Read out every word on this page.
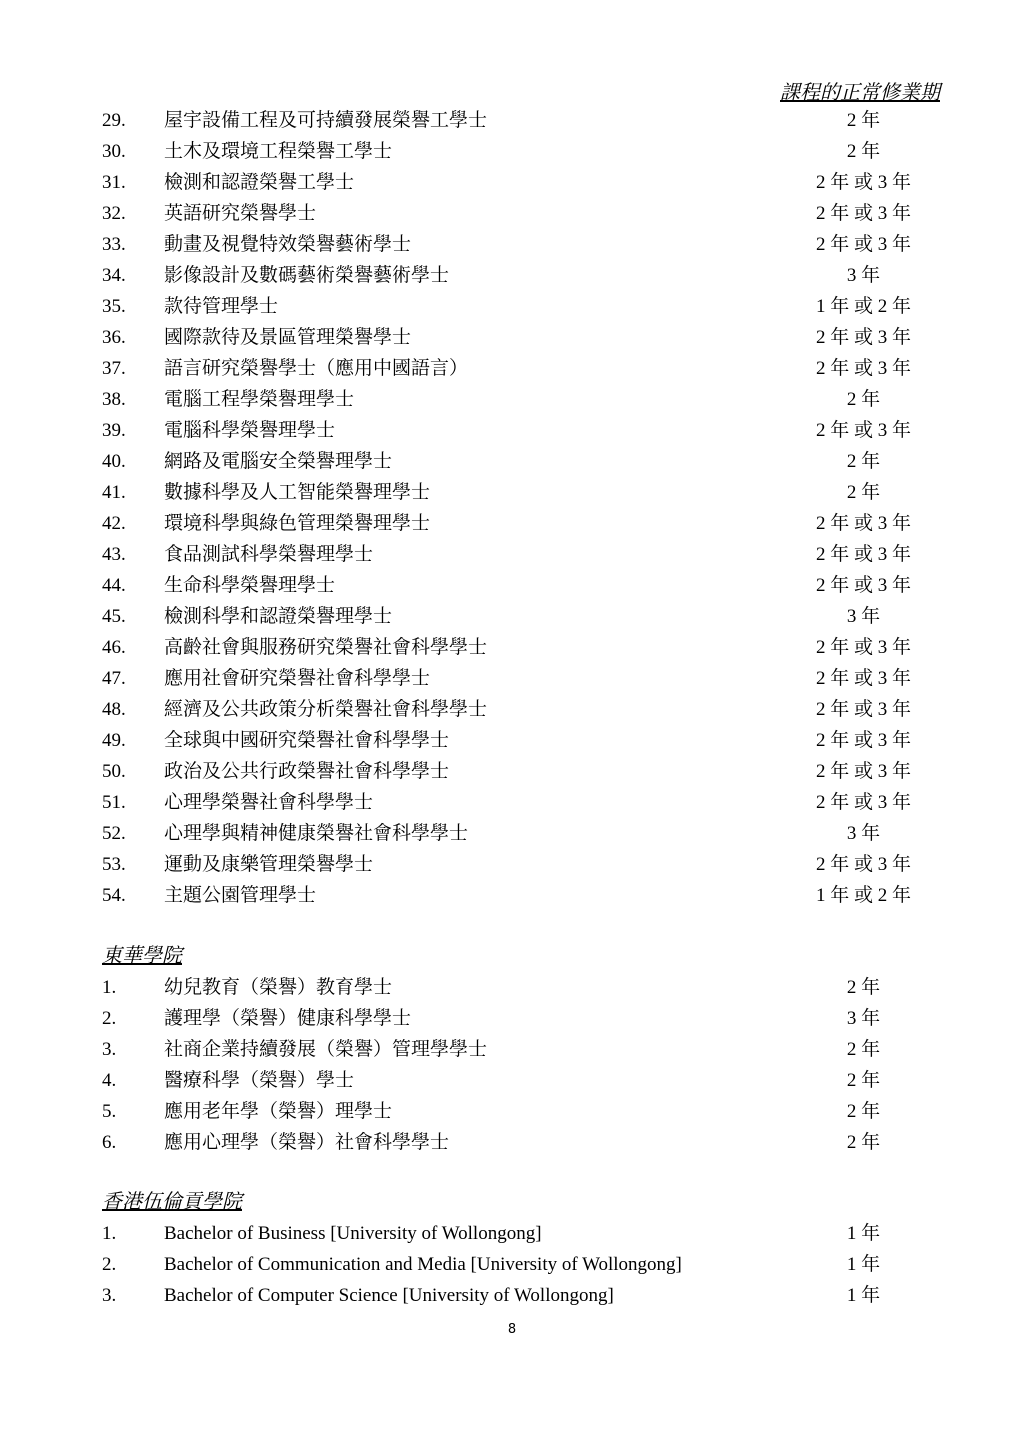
課程的正常修業期
29.	屋宇設備工程及可持續發展榮譽工學士	2 年
30.	土木及環境工程榮譽工學士	2 年
31.	檢測和認證榮譽工學士	2 年 或 3 年
32.	英語研究榮譽學士	2 年 或 3 年
33.	動畫及視覺特效榮譽藝術學士	2 年 或 3 年
34.	影像設計及數碼藝術榮譽藝術學士	3 年
35.	款待管理學士	1 年 或 2 年
36.	國際款待及景區管理榮譽學士	2 年 或 3 年
37.	語言研究榮譽學士（應用中國語言）	2 年 或 3 年
38.	電腦工程學榮譽理學士	2 年
39.	電腦科學榮譽理學士	2 年 或 3 年
40.	網路及電腦安全榮譽理學士	2 年
41.	數據科學及人工智能榮譽理學士	2 年
42.	環境科學與綠色管理榮譽理學士	2 年 或 3 年
43.	食品測試科學榮譽理學士	2 年 或 3 年
44.	生命科學榮譽理學士	2 年 或 3 年
45.	檢測科學和認證榮譽理學士	3 年
46.	高齡社會與服務研究榮譽社會科學學士	2 年 或 3 年
47.	應用社會研究榮譽社會科學學士	2 年 或 3 年
48.	經濟及公共政策分析榮譽社會科學學士	2 年 或 3 年
49.	全球與中國研究榮譽社會科學學士	2 年 或 3 年
50.	政治及公共行政榮譽社會科學學士	2 年 或 3 年
51.	心理學榮譽社會科學學士	2 年 或 3 年
52.	心理學與精神健康榮譽社會科學學士	3 年
53.	運動及康樂管理榮譽學士	2 年 或 3 年
54.	主題公園管理學士	1 年 或 2 年
東華學院
1.	幼兒教育（榮譽）教育學士	2 年
2.	護理學（榮譽）健康科學學士	3 年
3.	社商企業持續發展（榮譽）管理學學士	2 年
4.	醫療科學（榮譽）學士	2 年
5.	應用老年學（榮譽）理學士	2 年
6.	應用心理學（榮譽）社會科學學士	2 年
香港伍倫貢學院
1.	Bachelor of Business [University of Wollongong]	1 年
2.	Bachelor of Communication and Media [University of Wollongong]	1 年
3.	Bachelor of Computer Science [University of Wollongong]	1 年
8
